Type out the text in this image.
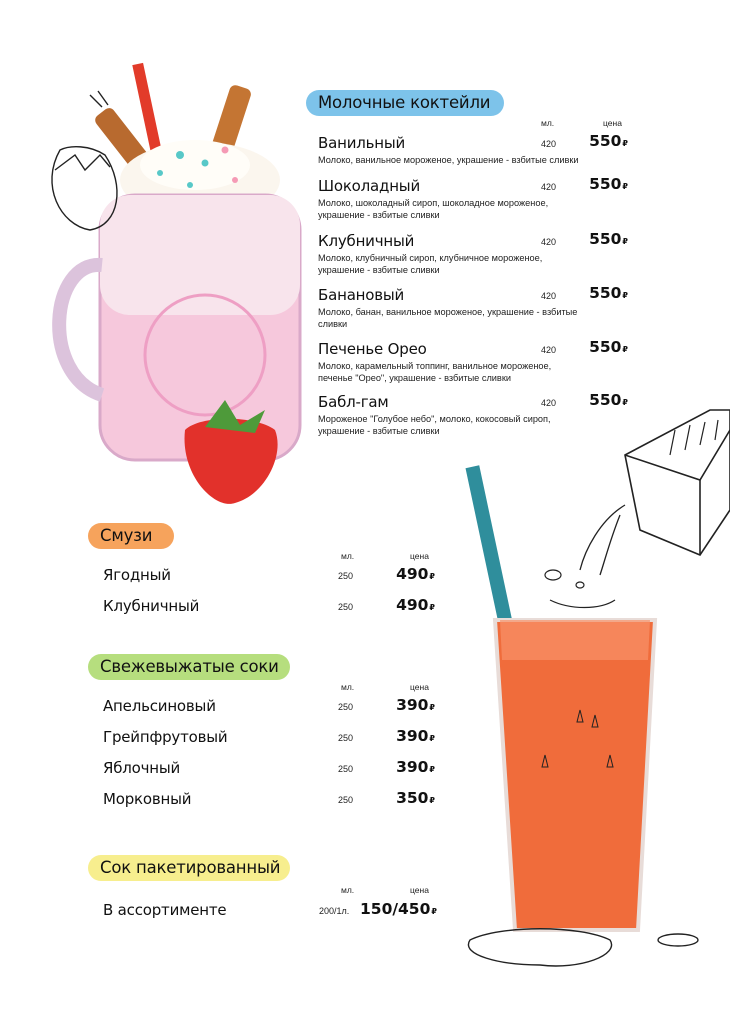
Молочные коктейли
мл.	цена
Ванильный	420 550₽
Молоко, ванильное мороженое, украшение - взбитые сливки
Шоколадный	420 550₽
Молоко, шоколадный сироп, шоколадное мороженое, украшение - взбитые сливки
Клубничный	420 550₽
Молоко, клубничный сироп, клубничное мороженое, украшение - взбитые сливки
Банановый	420 550₽
Молоко, банан, ванильное мороженое, украшение - взбитые сливки
Печенье Орео	420 550₽
Молоко, карамельный топпинг, ванильное мороженое, печенье "Орео", украшение - взбитые сливки
Бабл-гам	420 550₽
Мороженое "Голубое небо", молоко, кокосовый сироп, украшение - взбитые сливки
Смузи
мл.	цена
Ягодный	250	490₽
Клубничный	250	490₽
Свежевыжатые соки
мл.	цена
Апельсиновый	250	390₽
Грейпфрутовый	250	390₽
Яблочный	250	390₽
Морковный	250	350₽
Сок пакетированный
мл.	цена
В ассортименте	200/1л. 150/450₽
